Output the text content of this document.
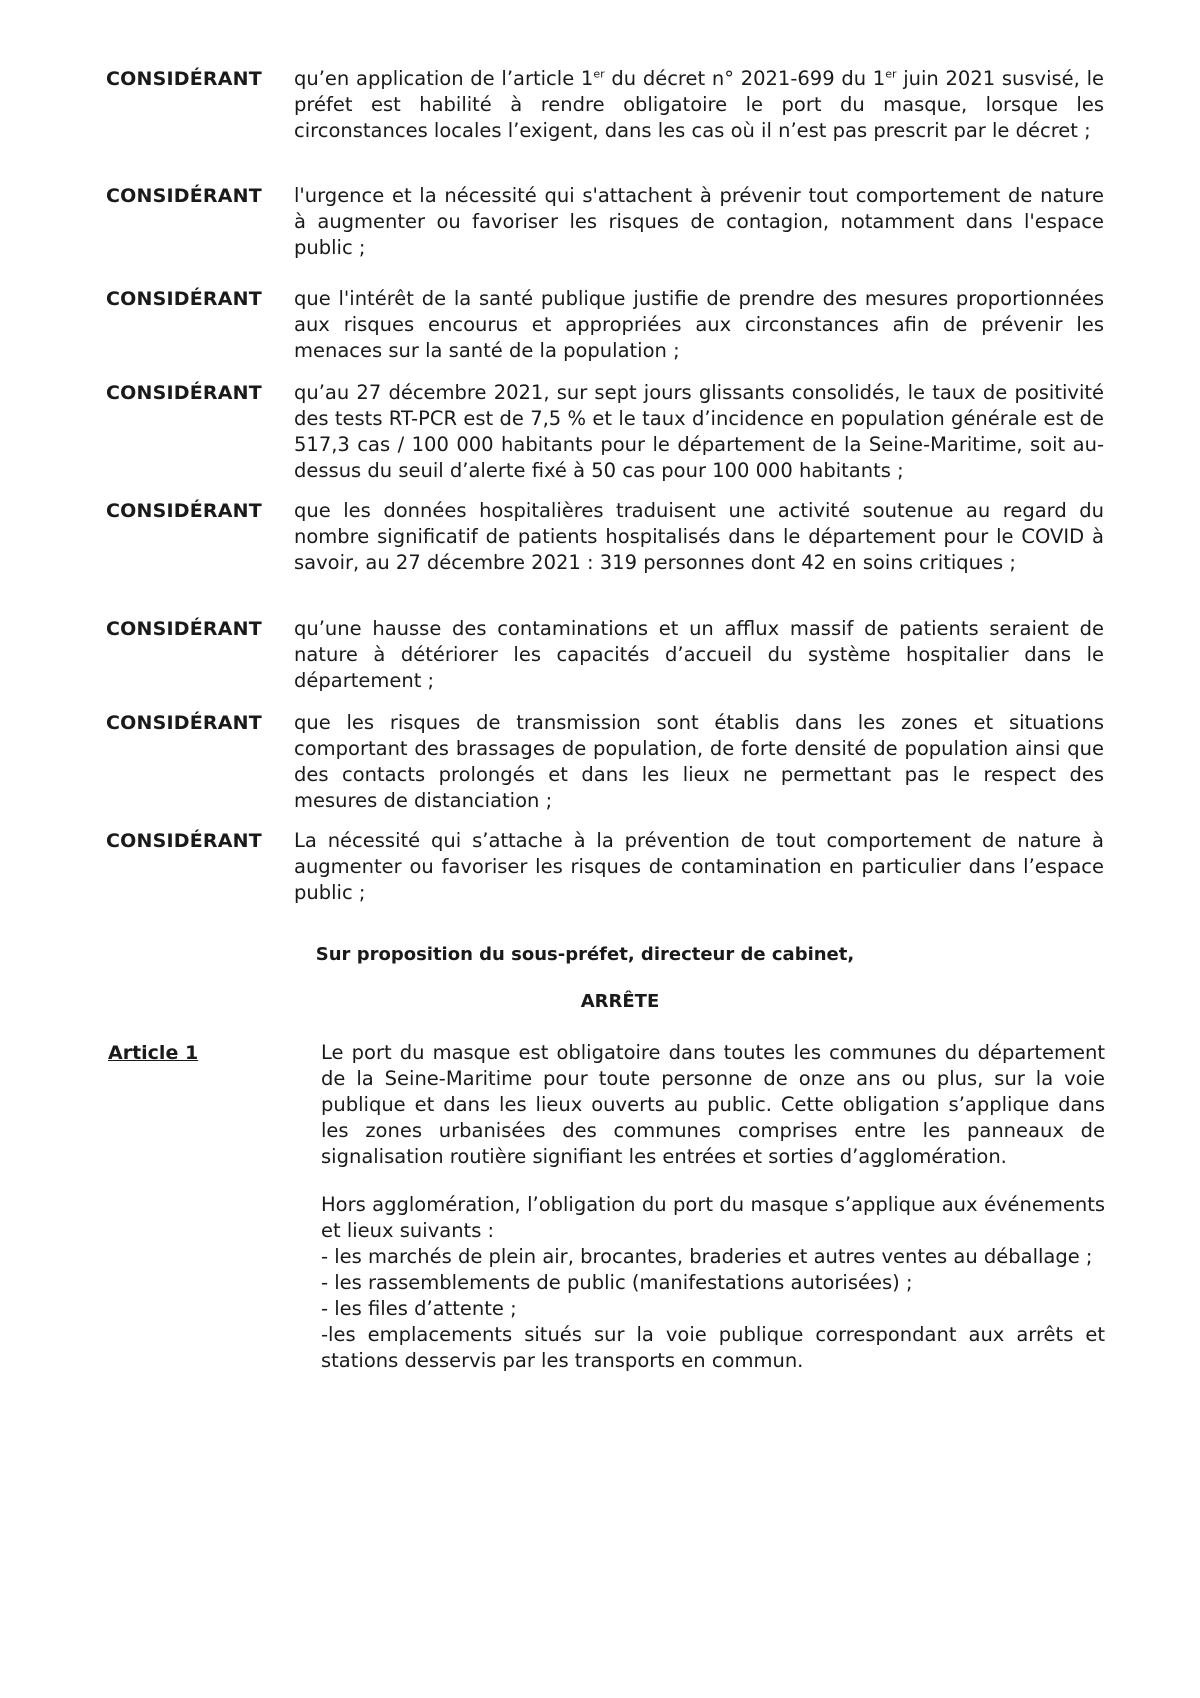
CONSIDÉRANT qu’en application de l’article 1er du décret n° 2021-699 du 1er juin 2021 susvisé, le préfet est habilité à rendre obligatoire le port du masque, lorsque les circonstances locales l’exigent, dans les cas où il n’est pas prescrit par le décret ;
CONSIDÉRANT l'urgence et la nécessité qui s'attachent à prévenir tout comportement de nature à augmenter ou favoriser les risques de contagion, notamment dans l'espace public ;
CONSIDÉRANT que l'intérêt de la santé publique justifie de prendre des mesures proportionnées aux risques encourus et appropriées aux circonstances afin de prévenir les menaces sur la santé de la population ;
CONSIDÉRANT qu’au 27 décembre 2021, sur sept jours glissants consolidés, le taux de positivité des tests RT-PCR est de 7,5 % et le taux d’incidence en population générale est de 517,3 cas / 100 000 habitants pour le département de la Seine-Maritime, soit au-dessus du seuil d’alerte fixé à 50 cas pour 100 000 habitants ;
CONSIDÉRANT que les données hospitalières traduisent une activité soutenue au regard du nombre significatif de patients hospitalisés dans le département pour le COVID à savoir, au 27 décembre 2021 : 319 personnes dont 42 en soins critiques ;
CONSIDÉRANT qu’une hausse des contaminations et un afflux massif de patients seraient de nature à détériorer les capacités d’accueil du système hospitalier dans le département ;
CONSIDÉRANT que les risques de transmission sont établis dans les zones et situations comportant des brassages de population, de forte densité de population ainsi que des contacts prolongés et dans les lieux ne permettant pas le respect des mesures de distanciation ;
CONSIDÉRANT La nécessité qui s’attache à la prévention de tout comportement de nature à augmenter ou favoriser les risques de contamination en particulier dans l’espace public ;
Sur proposition du sous-préfet, directeur de cabinet,
ARRÊTE
Article 1	Le port du masque est obligatoire dans toutes les communes du département de la Seine-Maritime pour toute personne de onze ans ou plus, sur la voie publique et dans les lieux ouverts au public. Cette obligation s’applique dans les zones urbanisées des communes comprises entre les panneaux de signalisation routière signifiant les entrées et sorties d’agglomération.

Hors agglomération, l’obligation du port du masque s’applique aux événements et lieux suivants :

- les marchés de plein air, brocantes, braderies et autres ventes au déballage ;
- les rassemblements de public (manifestations autorisées) ;
- les files d’attente ;
-les emplacements situés sur la voie publique correspondant aux arrêts et stations desservis par les transports en commun.
